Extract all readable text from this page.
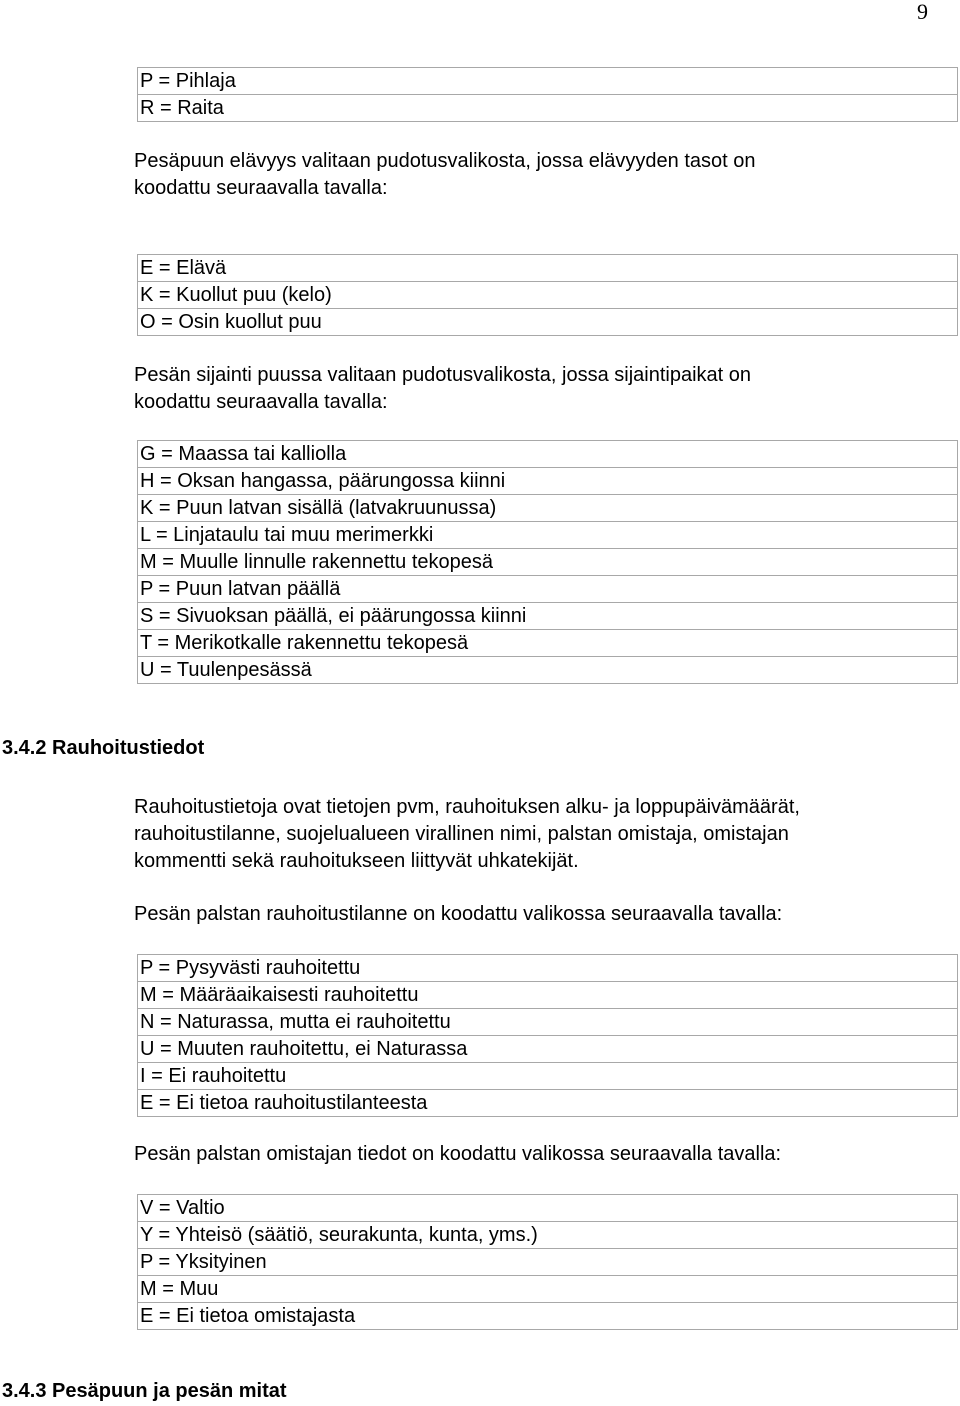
9
P = Pihlaja
R = Raita

Pesäpuun elävyys valitaan pudotusvalikosta, jossa elävyyden tasot on
koodattu seuraavalla tavalla:

E = Elävä
K = Kuollut puu (kelo)
O = Osin kuollut puu

Pesän sijainti puussa valitaan pudotusvalikosta, jossa sijaintipaikat on
koodattu seuraavalla tavalla:

G = Maassa tai kalliolla
H = Oksan hangassa, päärungossa kiinni
K = Puun latvan sisällä (latvakruunussa)
L = Linjataulu tai muu merimerkki
M = Muulle linnulle rakennettu tekopesä
P = Puun latvan päällä
S = Sivuoksan päällä, ei päärungossa kiinni
T = Merikotkalle rakennettu tekopesä
U = Tuulenpesässä
3.4.2 Rauhoitustiedot

Rauhoitustietoja ovat tietojen pvm, rauhoituksen alku- ja loppupäivämäärät,
rauhoitustilanne, suojelualueen virallinen nimi, palstan omistaja, omistajan
kommentti sekä rauhoitukseen liittyvät uhkatekijät.

Pesän palstan rauhoitustilanne on koodattu valikossa seuraavalla tavalla:

P = Pysyvästi rauhoitettu
M = Määräaikaisesti rauhoitettu
N = Naturassa, mutta ei rauhoitettu
U = Muuten rauhoitettu, ei Naturassa
I = Ei rauhoitettu
E = Ei tietoa rauhoitustilanteesta

Pesän palstan omistajan tiedot on koodattu valikossa seuraavalla tavalla:

V = Valtio
Y = Yhteisö (säätiö, seurakunta, kunta, yms.)
P = Yksityinen
M = Muu
E = Ei tietoa omistajasta
3.4.3 Pesäpuun ja pesän mitat
